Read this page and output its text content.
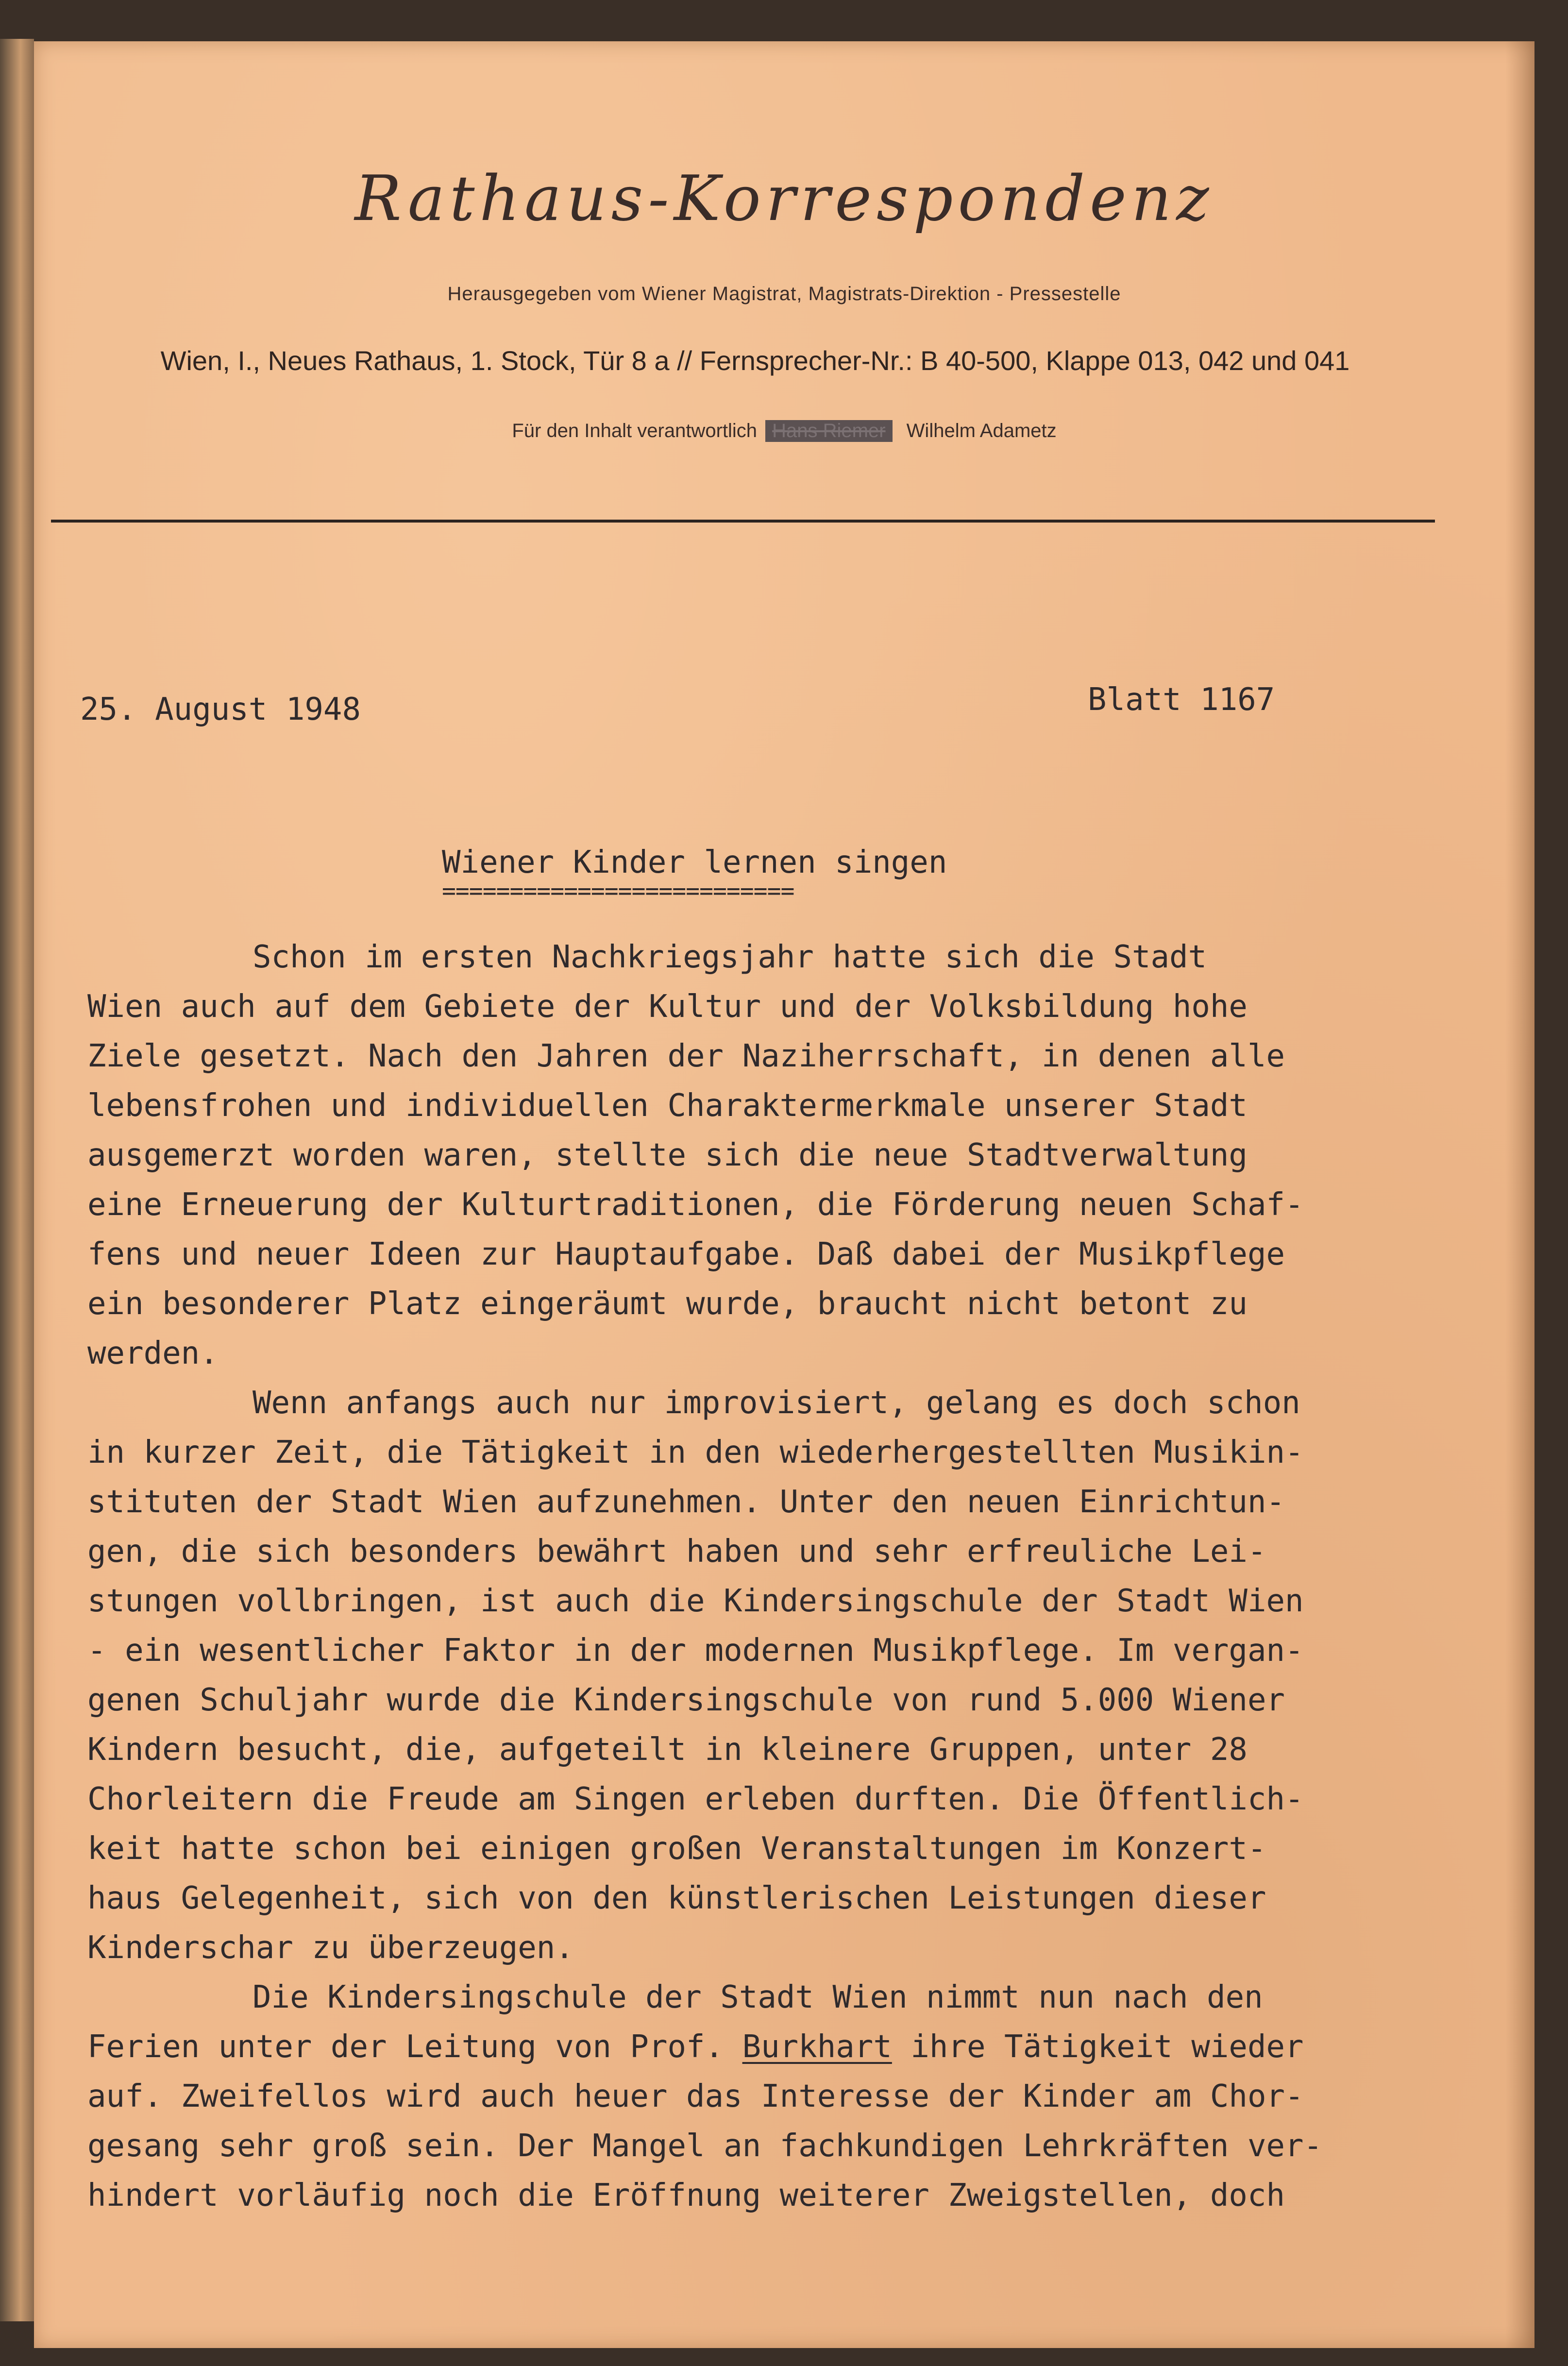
Rathaus-Korrespondenz
Herausgegeben vom Wiener Magistrat, Magistrats-Direktion - Pressestelle
Wien, I., Neues Rathaus, 1. Stock, Tür 8 a // Fernsprecher-Nr.: B 40-500, Klappe 013, 042 und 041
Für den Inhalt verantwortlich Hans Riemer Wilhelm Adametz
25. August 1948	Blatt 1167
Wiener Kinder lernen singen
==========================
Schon im ersten Nachkriegsjahr hatte sich die Stadt
Wien auch auf dem Gebiete der Kultur und der Volksbildung hohe
Ziele gesetzt. Nach den Jahren der Naziherrschaft, in denen alle
lebensfrohen und individuellen Charaktermerkmale unserer Stadt
ausgemerzt worden waren, stellte sich die neue Stadtverwaltung
eine Erneuerung der Kulturtraditionen, die Förderung neuen Schaf-
fens und neuer Ideen zur Hauptaufgabe. Daß dabei der Musikpflege
ein besonderer Platz eingeräumt wurde, braucht nicht betont zu
werden.
Wenn anfangs auch nur improvisiert, gelang es doch schon
in kurzer Zeit, die Tätigkeit in den wiederhergestellten Musikin-
stituten der Stadt Wien aufzunehmen. Unter den neuen Einrichtun-
gen, die sich besonders bewährt haben und sehr erfreuliche Lei-
stungen vollbringen, ist auch die Kindersingschule der Stadt Wien
- ein wesentlicher Faktor in der modernen Musikpflege. Im vergan-
genen Schuljahr wurde die Kindersingschule von rund 5.000 Wiener
Kindern besucht, die, aufgeteilt in kleinere Gruppen, unter 28
Chorleitern die Freude am Singen erleben durften. Die Öffentlich-
keit hatte schon bei einigen großen Veranstaltungen im Konzert-
haus Gelegenheit, sich von den künstlerischen Leistungen dieser
Kinderschar zu überzeugen.
Die Kindersingschule der Stadt Wien nimmt nun nach den
Ferien unter der Leitung von Prof. Burkhart ihre Tätigkeit wieder
auf. Zweifellos wird auch heuer das Interesse der Kinder am Chor-
gesang sehr groß sein. Der Mangel an fachkundigen Lehrkräften ver-
hindert vorläufig noch die Eröffnung weiterer Zweigstellen, doch
